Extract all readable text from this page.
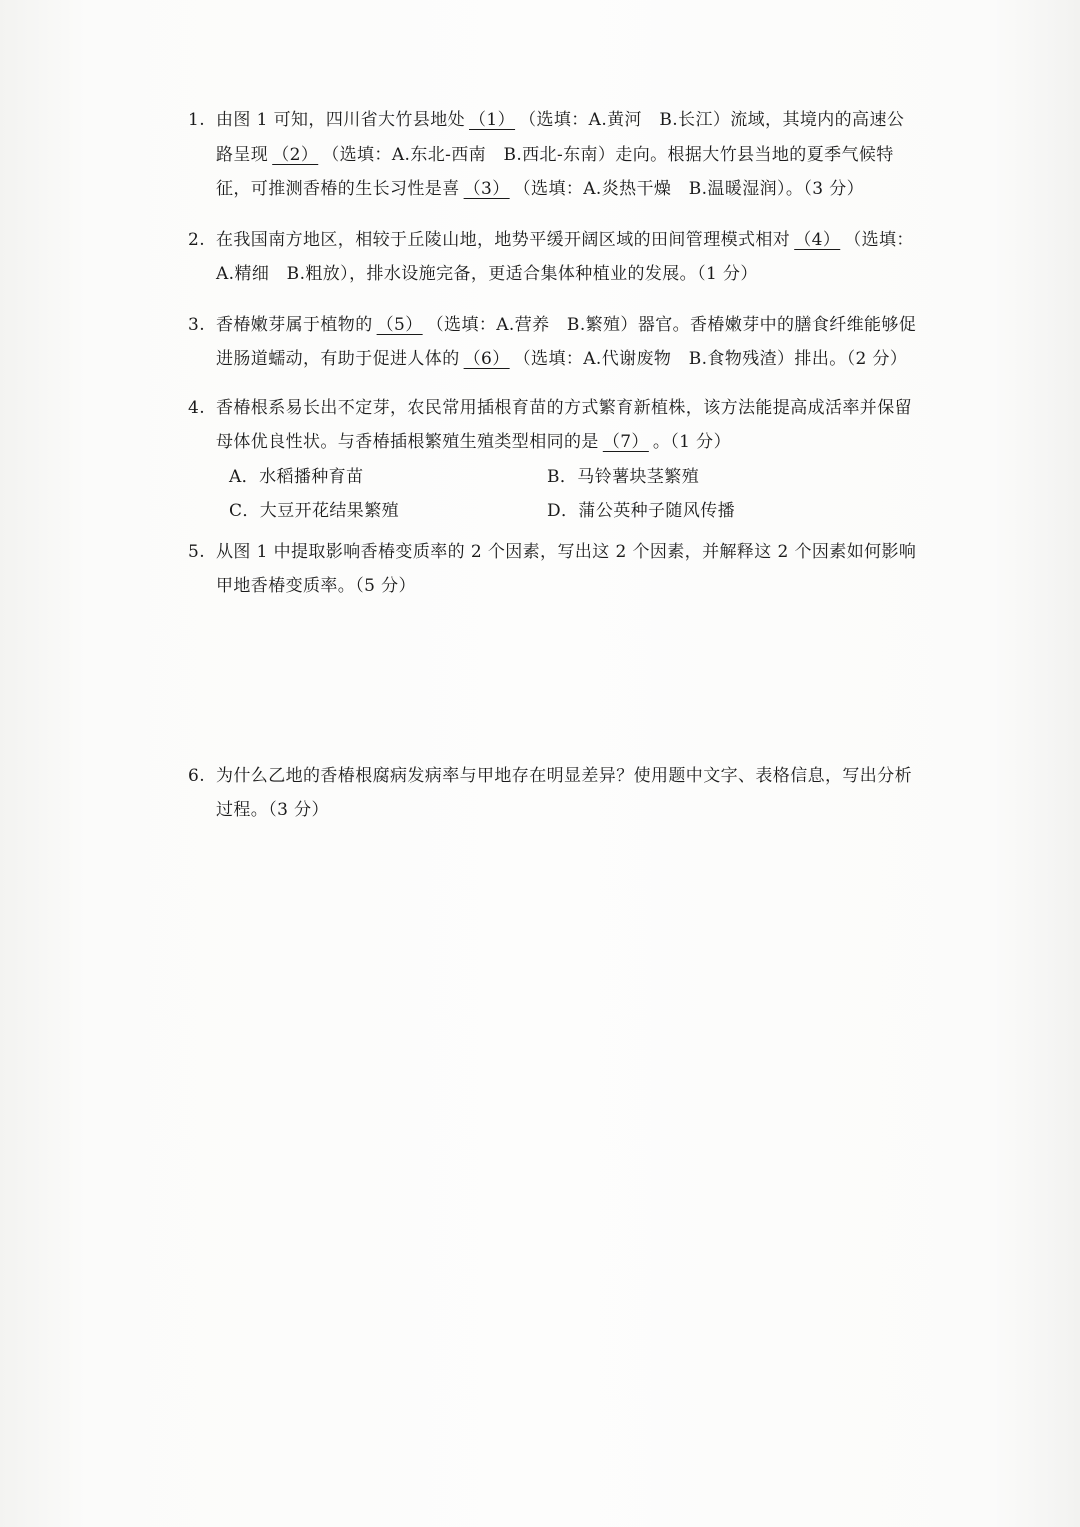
1. 由图 1 可知，四川省大竹县地处 （1） （选填：A.黄河　B.长江）流域，其境内的高速公路呈现 （2） （选填：A.东北-西南　B.西北-东南）走向。根据大竹县当地的夏季气候特征，可推测香椿的生长习性是喜 （3） （选填：A.炎热干燥　B.温暖湿润）。（3 分）
2. 在我国南方地区，相较于丘陵山地，地势平缓开阔区域的田间管理模式相对 （4） （选填：A.精细　B.粗放），排水设施完备，更适合集体种植业的发展。（1 分）
3. 香椿嫩芽属于植物的 （5） （选填：A.营养　B.繁殖）器官。香椿嫩芽中的膳食纤维能够促进肠道蠕动，有助于促进人体的 （6） （选填：A.代谢废物　B.食物残渣）排出。（2 分）
4. 香椿根系易长出不定芽，农民常用插根育苗的方式繁育新植株，该方法能提高成活率并保留母体优良性状。与香椿插根繁殖生殖类型相同的是 （7） 。（1 分）
A．水稻播种育苗	B．马铃薯块茎繁殖
C．大豆开花结果繁殖	D．蒲公英种子随风传播
5. 从图 1 中提取影响香椿变质率的 2 个因素，写出这 2 个因素，并解释这 2 个因素如何影响甲地香椿变质率。（5 分）
6. 为什么乙地的香椿根腐病发病率与甲地存在明显差异？使用题中文字、表格信息，写出分析过程。（3 分）
